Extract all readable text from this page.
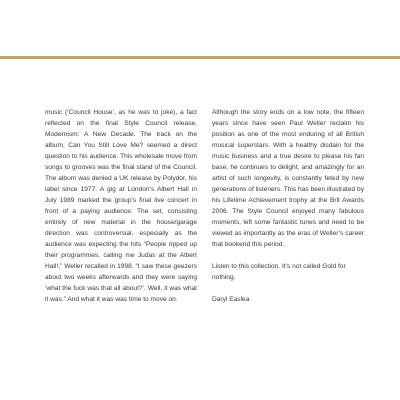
music (‘Council House’, as he was to joke), a fact reflected on the final Style Council release, Modernism: A New Decade. The track on the album, Can You Still Love Me? seemed a direct question to his audience. This wholesale move from songs to grooves was the final stand of the Council. The album was denied a UK release by Polydor, his label since 1977. A gig at London’s Albert Hall in July 1989 marked the group’s final live concert in front of a paying audience. The set, consisting entirely of new material in the house/garage direction was controversial, especially as the audience was expecting the hits “People ripped up their programmes, calling me Judas at the Albert Hall!,” Weller recalled in 1998. “I saw these geezers about two weeks afterwards and they were saying ‘what the fuck was that all about?’. Well, it was what it was.” And what it was was time to move on.

Although the story ends on a low note, the fifteen years since have seen Paul Weller reclaim his position as one of the most enduring of all British musical superstars. With a healthy disdain for the music business and a true desire to please his fan base, he continues to delight, and amazingly for an artist of such longevity, is constantly feted by new generations of listeners. This has been illustrated by his Lifetime Achievement trophy at the Brit Awards 2006. The Style Council enjoyed many fabulous moments, left some fantastic tunes and need to be viewed as importantly as the eras of Weller’s career that bookend this period.

Listen to this collection. It’s not called Gold for nothing.

Daryl Easlea
